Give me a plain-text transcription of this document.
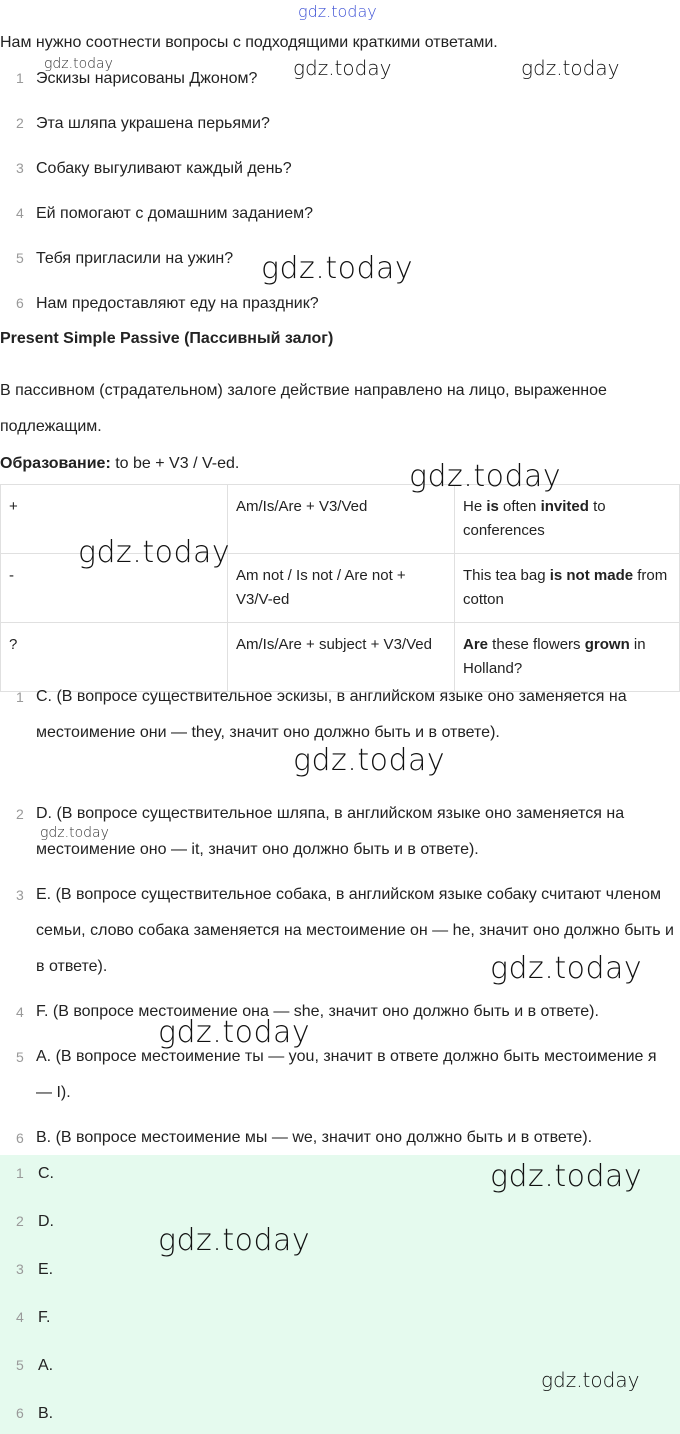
Нам нужно соотнести вопросы с подходящими краткими ответами.
1 Эскизы нарисованы Джоном?
2 Эта шляпа украшена перьями?
3 Собаку выгуливают каждый день?
4 Ей помогают с домашним заданием?
5 Тебя пригласили на ужин?
6 Нам предоставляют еду на праздник?
Present Simple Passive (Пассивный залог)
В пассивном (страдательном) залоге действие направлено на лицо, выраженное подлежащим.
Образование: to be + V3 / V-ed.
+	Am/Is/Are + V3/Ved	He is often invited to conferences
-	Am not / Is not / Are not + V3/V-ed	This tea bag is not made from cotton
?	Am/Is/Are + subject + V3/Ved	Are these flowers grown in Holland?
1 C. (В вопросе существительное эскизы, в английском языке оно заменяется на местоимение они — they, значит оно должно быть и в ответе).
2 D. (В вопросе существительное шляпа, в английском языке оно заменяется на местоимение оно — it, значит оно должно быть и в ответе).
3 E. (В вопросе существительное собака, в английском языке собаку считают членом семьи, слово собака заменяется на местоимение он — he, значит оно должно быть и в ответе).
4 F. (В вопросе местоимение она — she, значит оно должно быть и в ответе).
5 A. (В вопросе местоимение ты — you, значит в ответе должно быть местоимение я — I).
6 B. (В вопросе местоимение мы — we, значит оно должно быть и в ответе).
1 C.
2 D.
3 E.
4 F.
5 A.
6 B.
gdz.today
gdz.today	gdz.today	gdz.today
gdz.today
gdz.today
gdz.today
gdz.today
gdz.today
gdz.today
gdz.today
gdz.today
gdz.today
gdz.today
